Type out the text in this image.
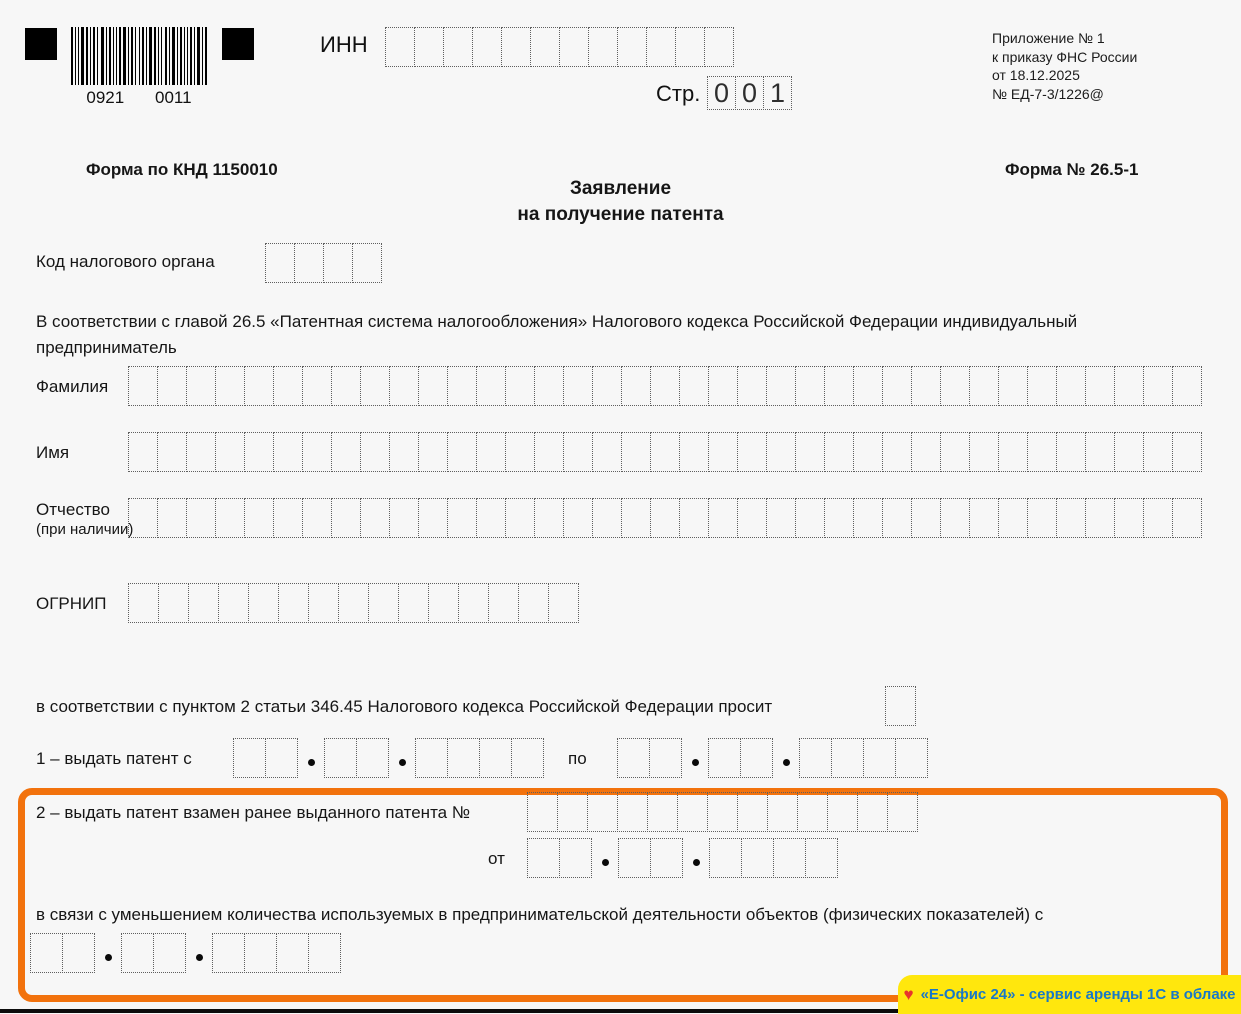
0921 0011
ИНН
Стр. 0 0 1
Приложение № 1
к приказу ФНС России
от 18.12.2025
№ ЕД-7-3/1226@
Форма по КНД 1150010	Форма № 26.5-1
Заявление
на получение патента
Код налогового органа
В соответствии с главой 26.5 «Патентная система налогообложения» Налогового кодекса Российской Федерации индивидуальный предприниматель
Фамилия
Имя
Отчество
(при наличии)
ОГРНИП
в соответствии с пунктом 2 статьи 346.45 Налогового кодекса Российской Федерации просит
1 – выдать патент с	по
2 – выдать патент взамен ранее выданного патента №
от
в связи с уменьшением количества используемых в предпринимательской деятельности объектов (физических показателей) с
♥ «Е-Офис 24» - сервис аренды 1С в облаке
